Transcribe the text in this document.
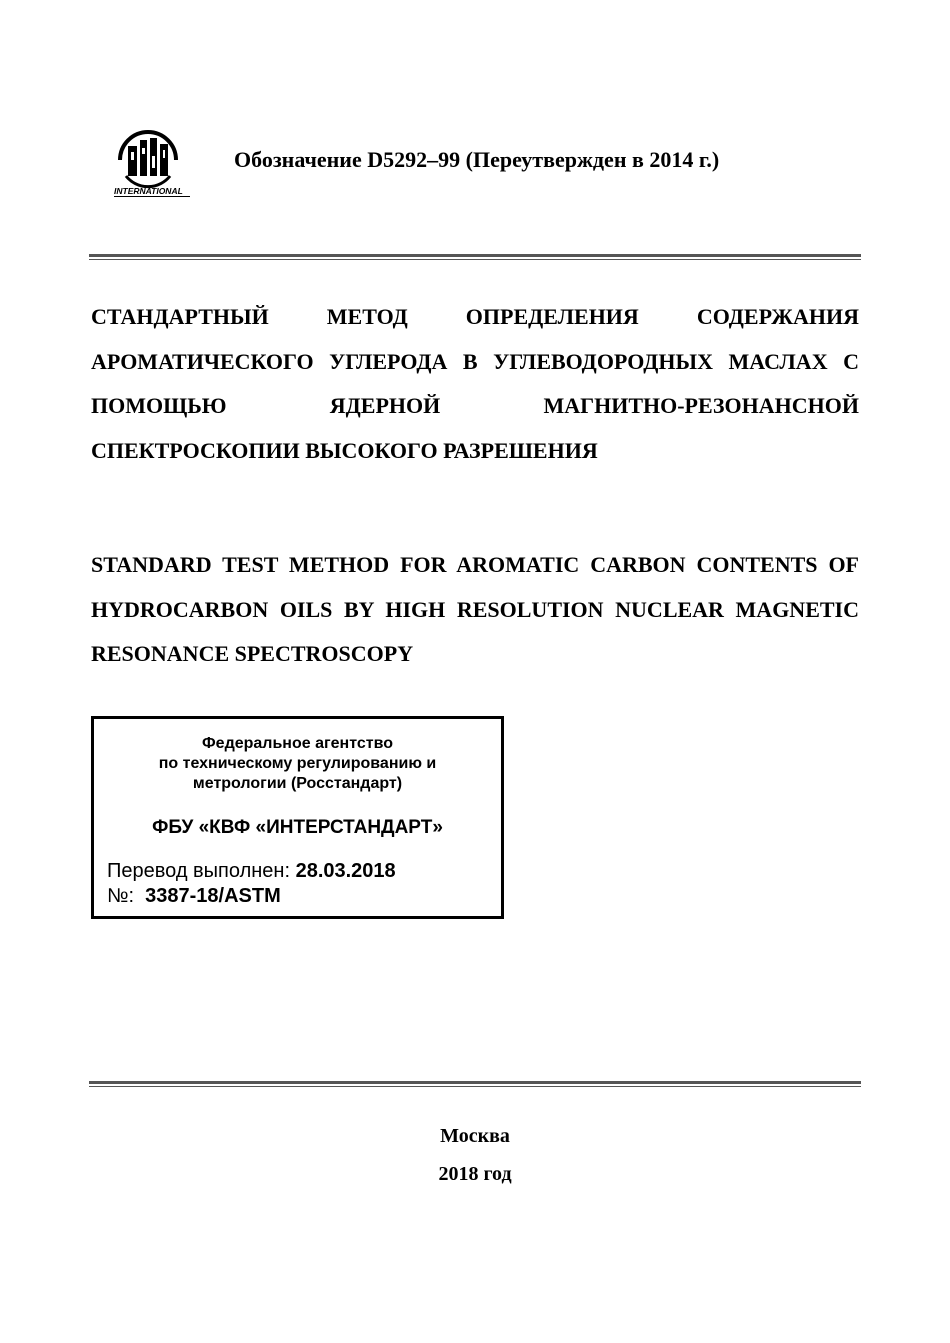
INTERNATIONAL
Обозначение D5292–99 (Переутвержден в 2014 г.)
СТАНДАРТНЫЙ МЕТОД ОПРЕДЕЛЕНИЯ СОДЕРЖАНИЯ АРОМАТИЧЕСКОГО УГЛЕРОДА В УГЛЕВОДОРОДНЫХ МАСЛАХ С ПОМОЩЬЮ ЯДЕРНОЙ МАГНИТНО-РЕЗОНАНСНОЙ СПЕКТРОСКОПИИ ВЫСОКОГО РАЗРЕШЕНИЯ
STANDARD TEST METHOD FOR AROMATIC CARBON CONTENTS OF HYDROCARBON OILS BY HIGH RESOLUTION NUCLEAR MAGNETIC RESONANCE SPECTROSCOPY
Федеральное агентство
по техническому регулированию и
метрологии (Росстандарт)
ФБУ «КВФ «ИНТЕРСТАНДАРТ»
Перевод выполнен: 28.03.2018
№: 3387-18/ASTM
Москва
2018 год
